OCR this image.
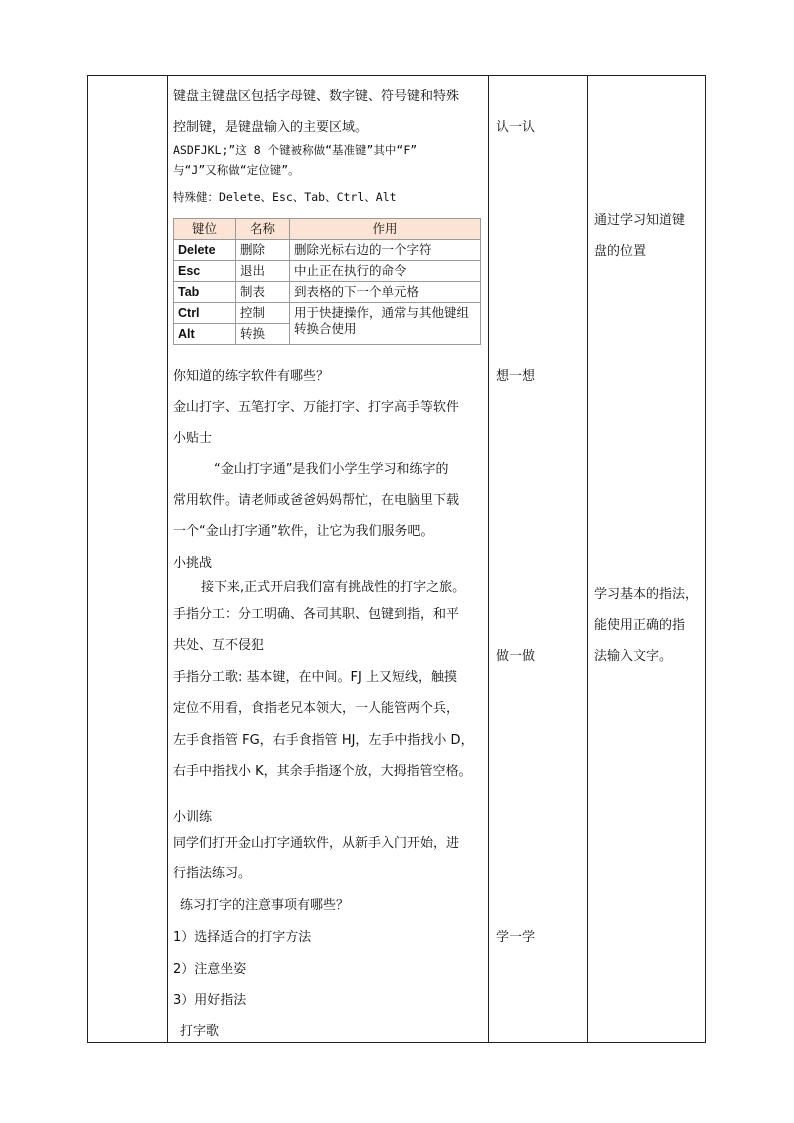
键盘主键盘区包括字母键、数字键、符号键和特殊
控制键，是键盘输入的主要区域。
ASDFJKL;”这 8 个键被称做“基准键”其中“F”
与“J”又称做“定位键”。
特殊健：Delete、Esc、Tab、Ctrl、Alt
键位	名称	作用
Delete	删除	删除光标右边的一个字符
Esc	退出	中止正在执行的命令
Tab	制表	到表格的下一个单元格
Ctrl	控制	用于快捷操作，通常与其他键组转换合使用
Alt	转换	
你知道的练字软件有哪些？
金山打字、五笔打字、万能打字、打字高手等软件
小贴士
“金山打字通”是我们小学生学习和练字的
常用软件。请老师或爸爸妈妈帮忙，在电脑里下载
一个“金山打字通”软件，让它为我们服务吧。
小挑战
接下来,正式开启我们富有挑战性的打字之旅。
手指分工：分工明确、各司其职、包键到指，和平
共处、互不侵犯
手指分工歌: 基本键，在中间。FJ 上又短线，触摸
定位不用看，食指老兄本领大，一人能管两个兵，
左手食指管 FG，右手食指管 HJ，左手中指找小 D，
右手中指找小 K，其余手指逐个放，大拇指管空格。
小训练
同学们打开金山打字通软件，从新手入门开始，进
行指法练习。
练习打字的注意事项有哪些？
1）选择适合的打字方法
2）注意坐姿
3）用好指法
打字歌
认一认
想一想
做一做
学一学
通过学习知道键
盘的位置
学习基本的指法，
能使用正确的指
法输入文字。
